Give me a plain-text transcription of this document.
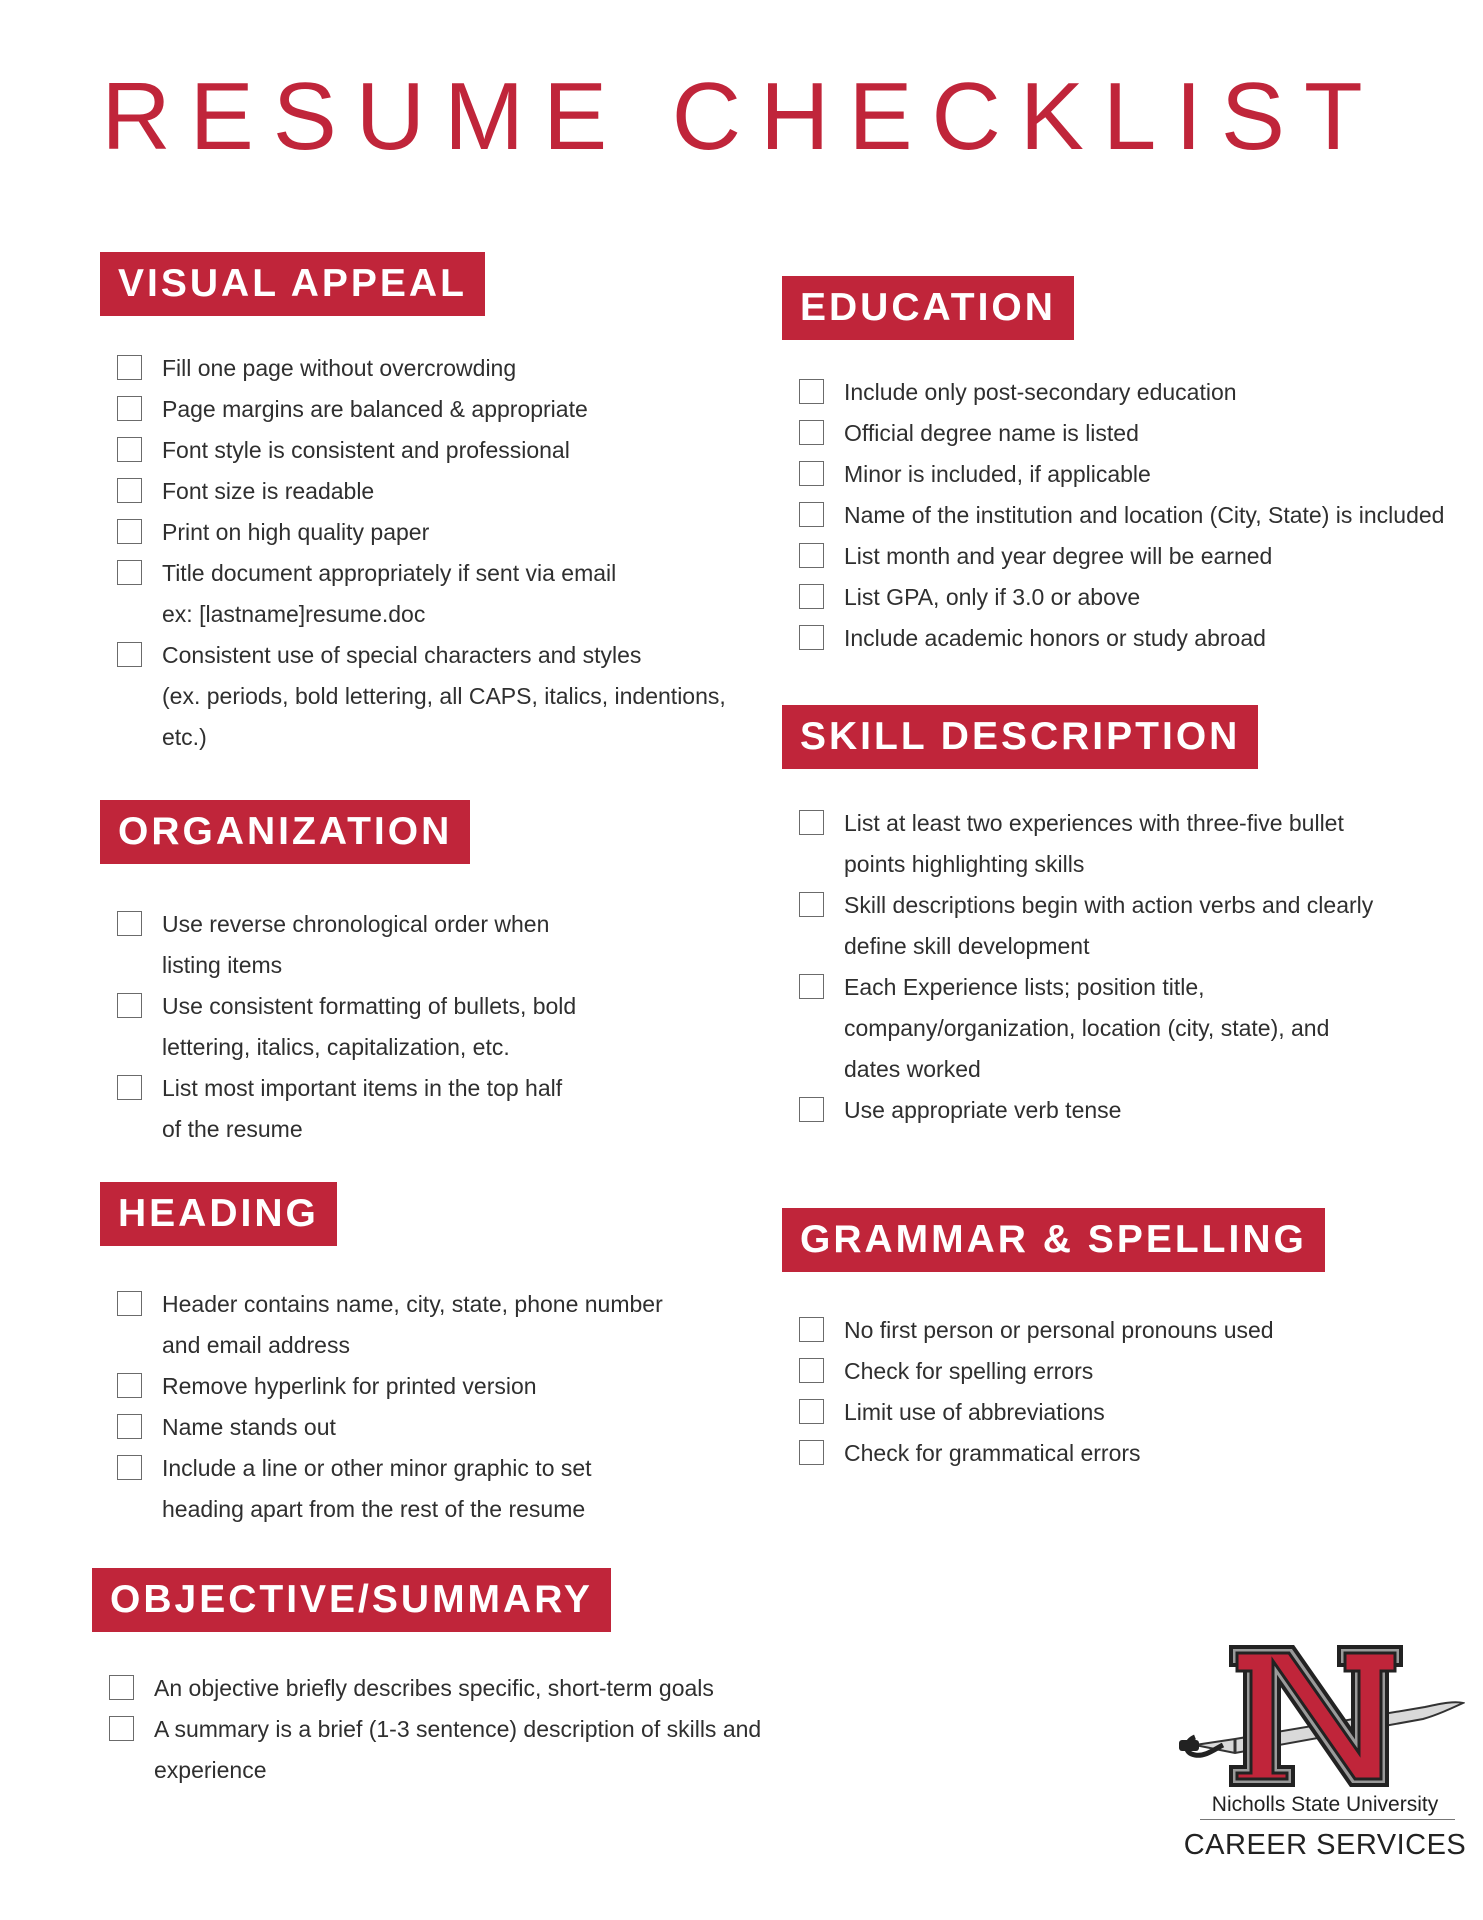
RESUME CHECKLIST
VISUAL APPEAL
Fill one page without overcrowding
Page margins are balanced & appropriate
Font style is consistent and professional
Font size is readable
Print on high quality paper
Title document appropriately if sent via email
ex: [lastname]resume.doc
Consistent use of special characters and styles
(ex. periods, bold lettering, all CAPS, italics, indentions,
etc.)
ORGANIZATION
Use reverse chronological order when
listing items
Use consistent formatting of bullets, bold
lettering, italics, capitalization, etc.
List most important items in the top half
of the resume
HEADING
Header contains name, city, state, phone number
and email address
Remove hyperlink for printed version
Name stands out
Include a line or other minor graphic to set
heading apart from the rest of the resume
OBJECTIVE/SUMMARY
An objective briefly describes specific, short-term goals
A summary is a brief (1-3 sentence) description of skills and
experience
EDUCATION
Include only post-secondary education
Official degree name is listed
Minor is included, if applicable
Name of the institution and location (City, State) is included
List month and year degree will be earned
List GPA, only if 3.0 or above
Include academic honors or study abroad
SKILL DESCRIPTION
List at least two experiences with three-five bullet
points highlighting skills
Skill descriptions begin with action verbs and clearly
define skill development
Each Experience lists; position title,
company/organization, location (city, state), and
dates worked
Use appropriate verb tense
GRAMMAR & SPELLING
No first person or personal pronouns used
Check for spelling errors
Limit use of abbreviations
Check for grammatical errors
Nicholls State University
CAREER SERVICES
